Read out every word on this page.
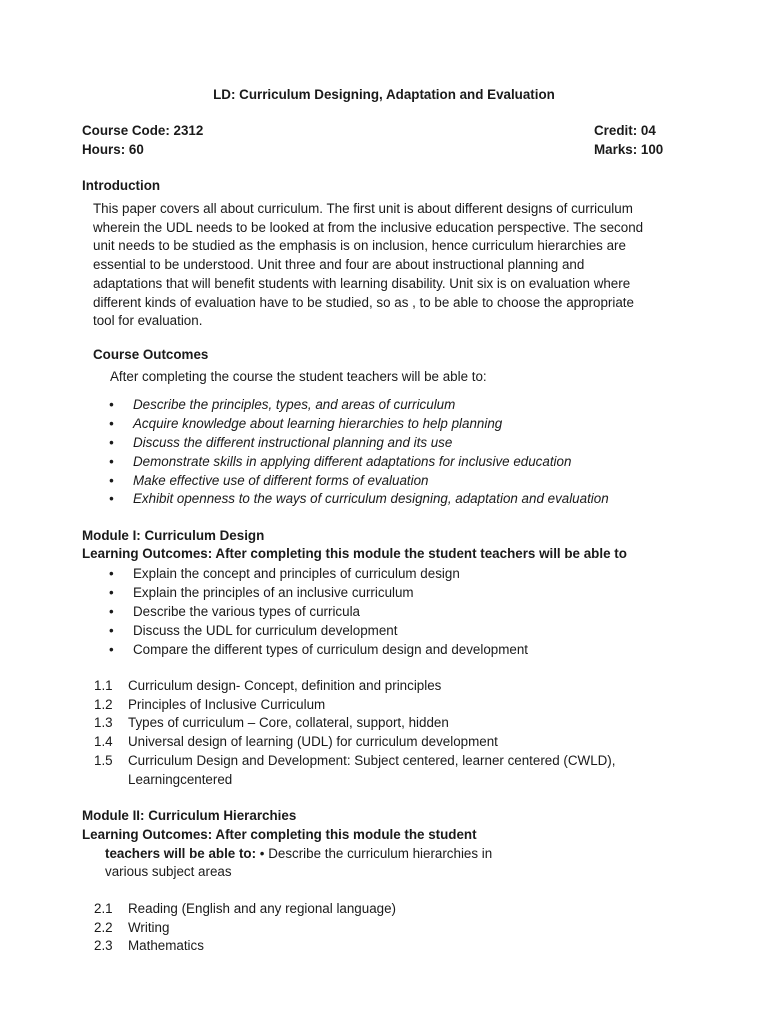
LD: Curriculum Designing, Adaptation and Evaluation
Course Code: 2312
Hours: 60
Credit: 04
Marks: 100
Introduction

This paper covers all about curriculum. The first unit is about different designs of curriculum

wherein the UDL needs to be looked at from the inclusive education perspective. The second

unit needs to be studied as the emphasis is on inclusion, hence curriculum hierarchies are

essential to be understood. Unit three and four are about instructional planning and

adaptations that will benefit students with learning disability. Unit six is on evaluation where

different kinds of evaluation have to be studied, so as , to be able to choose the appropriate

tool for evaluation.

Course Outcomes
After completing the course the student teachers will be able to:
• Describe the principles, types, and areas of curriculum
• Acquire knowledge about learning hierarchies to help planning
• Discuss the different instructional planning and its use
• Demonstrate skills in applying different adaptations for inclusive education
• Make effective use of different forms of evaluation
• Exhibit openness to the ways of curriculum designing, adaptation and evaluation
Module I: Curriculum Design
Learning Outcomes: After completing this module the student teachers will be able to
• Explain the concept and principles of curriculum design
• Explain the principles of an inclusive curriculum
• Describe the various types of curricula
• Discuss the UDL for curriculum development
• Compare the different types of curriculum design and development
1.1 Curriculum design- Concept, definition and principles
1.2 Principles of Inclusive Curriculum
1.3 Types of curriculum – Core, collateral, support, hidden
1.4 Universal design of learning (UDL) for curriculum development
1.5 Curriculum Design and Development: Subject centered, learner centered (CWLD), Learningcentered
Module II: Curriculum Hierarchies
Learning Outcomes: After completing this module the student
teachers will be able to: • Describe the curriculum hierarchies in
various subject areas
2.1 Reading (English and any regional language)
2.2 Writing
2.3 Mathematics
